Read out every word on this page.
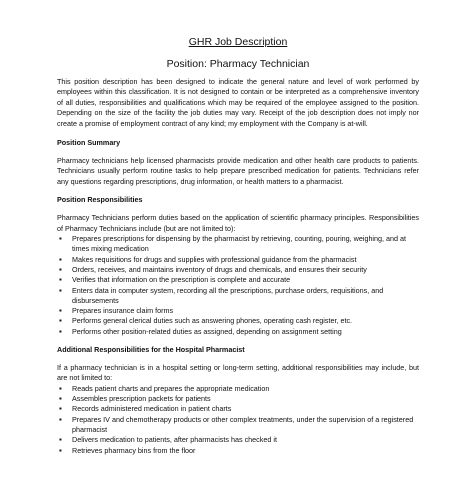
GHR Job Description
Position: Pharmacy Technician

This position description has been designed to indicate the general nature and level of work performed by employees within this classification. It is not designed to contain or be interpreted as a comprehensive inventory of all duties, responsibilities and qualifications which may be required of the employee assigned to the position. Depending on the size of the facility the job duties may vary. Receipt of the job description does not imply nor create a promise of employment contract of any kind; my employment with the Company is at-will.

Position Summary

Pharmacy technicians help licensed pharmacists provide medication and other health care products to patients. Technicians usually perform routine tasks to help prepare prescribed medication for patients. Technicians refer any questions regarding prescriptions, drug information, or health matters to a pharmacist.

Position Responsibilities

Pharmacy Technicians perform duties based on the application of scientific pharmacy principles. Responsibilities of Pharmacy Technicians include (but are not limited to):

▪ Prepares prescriptions for dispensing by the pharmacist by retrieving, counting, pouring, weighing, and at times mixing medication
▪ Makes requisitions for drugs and supplies with professional guidance from the pharmacist
▪ Orders, receives, and maintains inventory of drugs and chemicals, and ensures their security
▪ Verifies that information on the prescription is complete and accurate
▪ Enters data in computer system, recording all the prescriptions, purchase orders, requisitions, and disbursements
▪ Prepares insurance claim forms
▪ Performs general clerical duties such as answering phones, operating cash register, etc.
▪ Performs other position-related duties as assigned, depending on assignment setting

Additional Responsibilities for the Hospital Pharmacist

If a pharmacy technician is in a hospital setting or long-term setting, additional responsibilities may include, but are not limited to:

▪ Reads patient charts and prepares the appropriate medication
▪ Assembles prescription packets for patients
▪ Records administered medication in patient charts
▪ Prepares IV and chemotherapy products or other complex treatments, under the supervision of a registered pharmacist
▪ Delivers medication to patients, after pharmacists has checked it
▪ Retrieves pharmacy bins from the floor
